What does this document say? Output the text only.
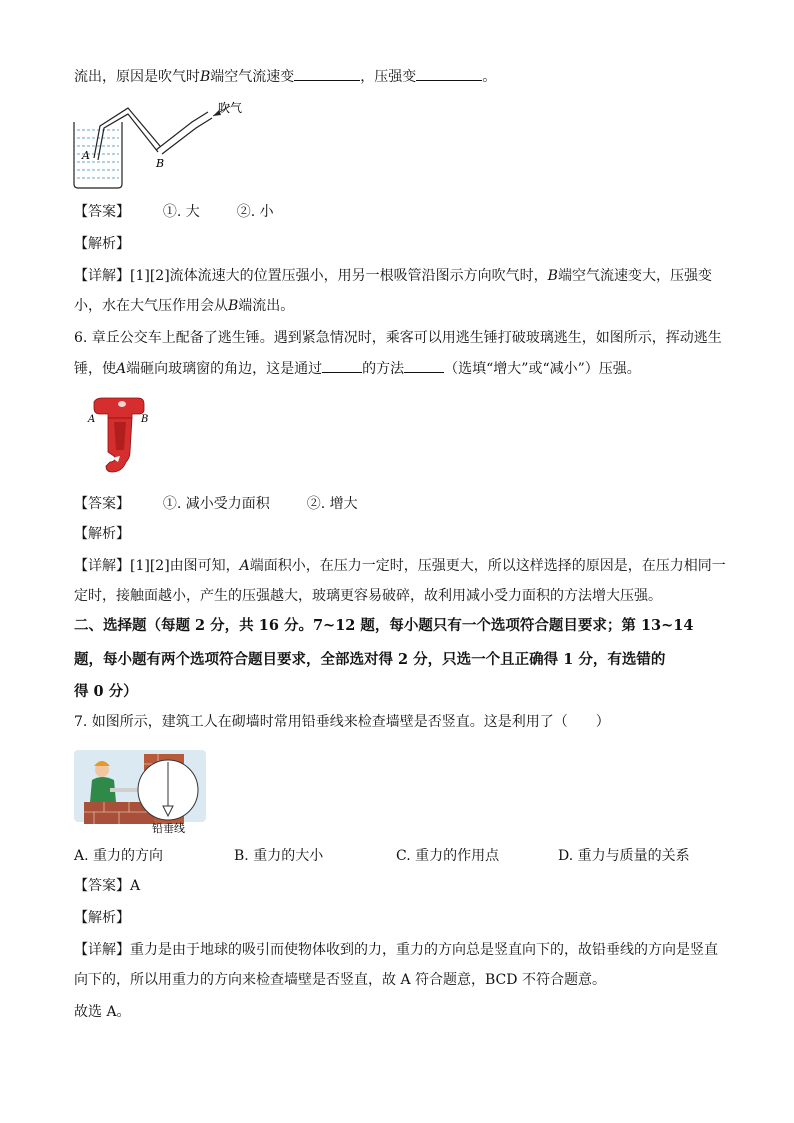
流出，原因是吹气时B端空气流速变	，压强变	。
吹气
A
B
【答案】 ①. 大	②. 小
【解析】
【详解】[1][2]流体流速大的位置压强小，用另一根吸管沿图示方向吹气时，B端空气流速变大，压强变
小，水在大气压作用会从B端流出。
6. 章丘公交车上配备了逃生锤。遇到紧急情况时，乘客可以用逃生锤打破玻璃逃生，如图所示，挥动逃生
锤，使A端砸向玻璃窗的角边，这是通过	的方法	（选填“增大”或“减小”）压强。
A	B
【答案】 ①. 减小受力面积	②. 增大
【解析】
【详解】[1][2]由图可知，A端面积小，在压力一定时，压强更大，所以这样选择的原因是，在压力相同一
定时，接触面越小，产生的压强越大，玻璃更容易破碎，故利用减小受力面积的方法增大压强。
二、选择题（每题 2 分，共 16 分。7~12 题，每小题只有一个选项符合题目要求；第 13~14
题，每小题有两个选项符合题目要求，全部选对得 2 分，只选一个且正确得 1 分，有选错的
得 0 分）
7. 如图所示，建筑工人在砌墙时常用铅垂线来检查墙壁是否竖直。这是利用了（　　）
铅垂线
A. 重力的方向	B. 重力的大小	C. 重力的作用点	D. 重力与质量的关系
【答案】A
【解析】
【详解】重力是由于地球的吸引而使物体收到的力，重力的方向总是竖直向下的，故铅垂线的方向是竖直
向下的，所以用重力的方向来检查墙壁是否竖直，故 A 符合题意，BCD 不符合题意。
故选 A。
